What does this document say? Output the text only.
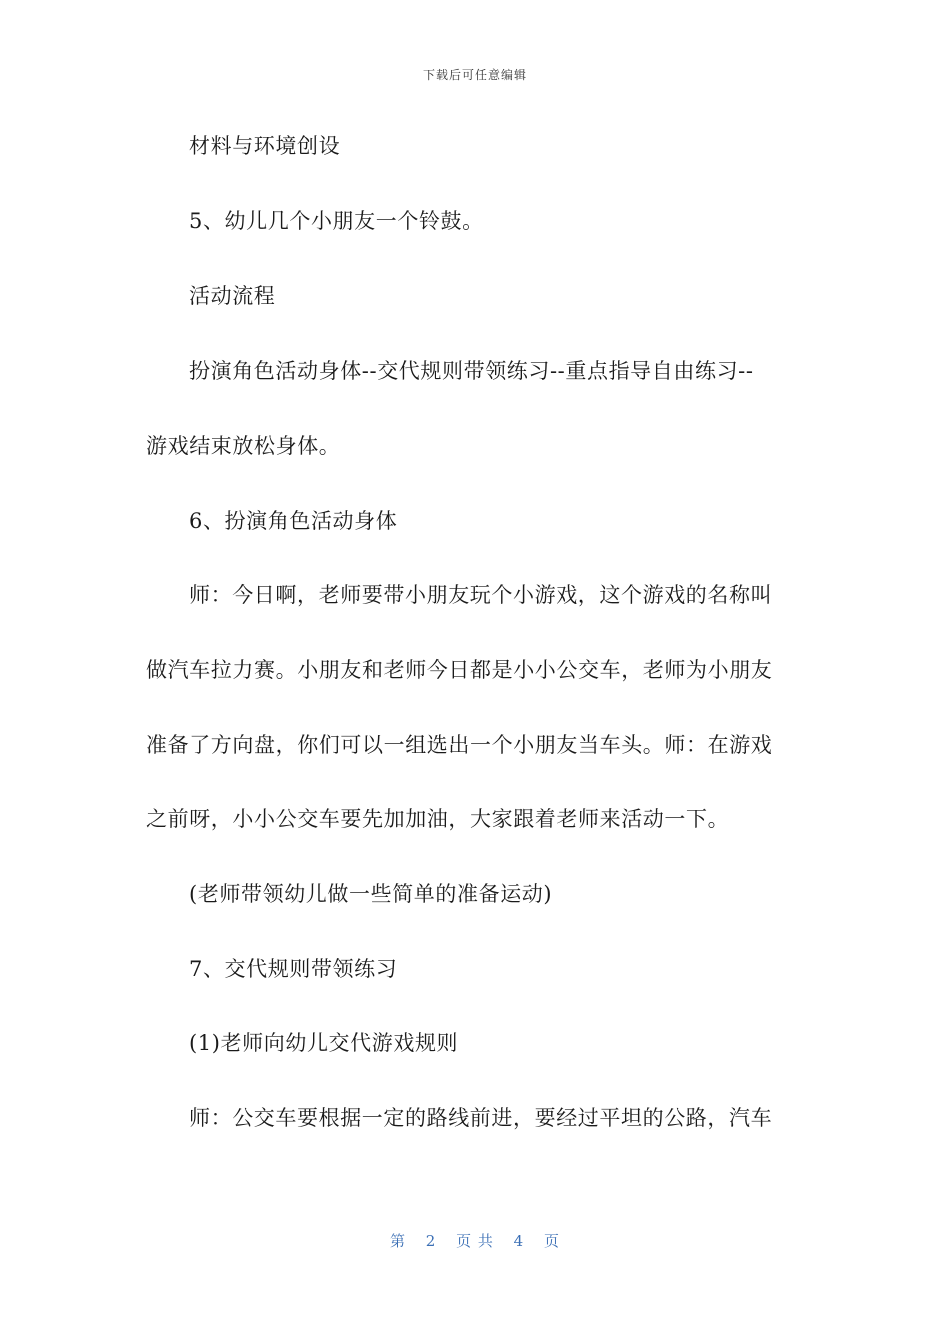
下载后可任意编辑
材料与环境创设
5、幼儿几个小朋友一个铃鼓。
活动流程
扮演角色活动身体--交代规则带领练习--重点指导自由练习--
游戏结束放松身体。
6、扮演角色活动身体
师：今日啊，老师要带小朋友玩个小游戏，这个游戏的名称叫
做汽车拉力赛。小朋友和老师今日都是小小公交车，老师为小朋友
准备了方向盘，你们可以一组选出一个小朋友当车头。师：在游戏
之前呀，小小公交车要先加加油，大家跟着老师来活动一下。
(老师带领幼儿做一些简单的准备运动)
7、交代规则带领练习
(1)老师向幼儿交代游戏规则
师：公交车要根据一定的路线前进，要经过平坦的公路，汽车
第 2 页 共 4 页
